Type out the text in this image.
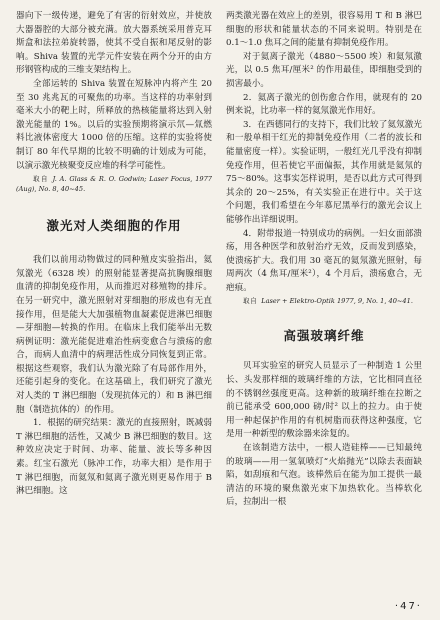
器向下一级传递，避免了有害的衍射效应，并使放大器器腔的大部分被充满。放大器系统采用普克耳斯盒和法拉弟旋转器，使其不受自振和尾反射的影响。Shiva 装置的光学元件安装在两个分开的由方形钢管构成的三维支架结构上。

全部运转的 Shiva 装置在短脉冲内将产生 20 至 30 兆兆瓦的可聚焦的功率。当这样的功率射到毫米大小的靶上时，所释放的热核能量将达到入射激光能量的 1%。以后的实验预期将演示氘—氚燃料比液体密度大 1000 倍的压缩。这样的实验将使制订 80 年代早期的比较不明确的计划成为可能，以演示激光核聚变反应堆的科学可能性。

取自 J. A. Glass & R. O. Godwin; Laser Focus, 1977 (Aug), No. 8, 40~45.

激光对人类细胞的作用

我们以前用动物做过的同种殖皮实验指出，氦氖激光（6328 埃）的照射能显著提高抗胸腺细胞血清的抑制免疫作用，从而推迟对移殖物的排斥。在另一研究中，激光照射对芽细胞的形成也有无直接作用，但是能大大加强植物血凝素促进淋巴细胞—芽细胞—转换的作用。在临床上我们能举出无数病例证明：激光能促进难治性病变愈合与溃疡的愈合，而病人血清中的病理活性成分同恢复到正常。根据这些观察，我们认为激光除了有局部作用外，还能引起身的变化。在这基础上，我们研究了激光对人类的 T 淋巴细胞（发现抗体元的）和 B 淋巴细胞（制造抗体的）的作用。

1．根据的研究结果：激光的直接照射，既减弱 T 淋巴细胞的活性，又减少 B 淋巴细胞的数目。这种效应决定于时间、功率、能量、波长等多种因素。红宝石激光（脉冲工作，功率大相）是作用于 T 淋巴细胞，而氦氖和氦离子激光则更易作用于 B 淋巴细胞。这

两类激光器在效应上的差别，很容易用 T 和 B 淋巴细胞的形状和能量状态的不同来说明。特别是在 0.1～1.0 焦耳之间的能量有抑制免疫作用。

对于氦离子激光（4880～5500 埃）和氦氖激光，以 0.5 焦耳/厘米² 的作用最佳，即细胞受到的损害最小。

2．氦离子激光的创伤愈合作用，就现有的 20 例来说，比功率一样的氦氖激光作用好。

3．在西德同行的支持下，我们比较了氦氖激光和一般单相干红光的抑制免疫作用（二者的波长和能量密度一样）。实验证明，一般红光几乎没有抑制免疫作用，但若使它平面偏振，其作用就是氦氖的 75～80%。这事实怎样说明，是否以此方式可得到其余的 20～25%，有关实验正在进行中。关于这个问题，我们希望在今年慕尼黑举行的激光会议上能够作出详细说明。

4．附带报道一特别成功的病例。一妇女面部溃疡，用各种医学和放射治疗无效，反而发到感染，使溃疡扩大。我们用 30 毫瓦的氦氖激光照射，每周两次（4 焦耳/厘米²），4 个月后，溃疡愈合，无疤痕。

取自 Laser + Elektro-Optik 1977, 9, No. 1, 40~41.

高强玻璃纤维

贝耳实验室的研究人员显示了一种制造 1 公里长、头发那样细的玻璃纤维的方法，它比相同直径的不锈钢丝强度更高。这种新的玻璃纤维在拉断之前已能承受 600,000 磅/时² 以上的拉力。由于使用一种起保护作用的有机树脂而获得这种强度，它是用一种新型的敷涂器来涂复的。

在该制造方法中，一根人造硅棒——已知最纯的玻璃——用一氢氧喷灯“火焰抛光”以除去表面缺陷，如刮痕和气泡。该棒然后在能为加工提供一最清洁的环境的聚焦激光束下加热软化。当棒软化后，拉制出一根

·47·
